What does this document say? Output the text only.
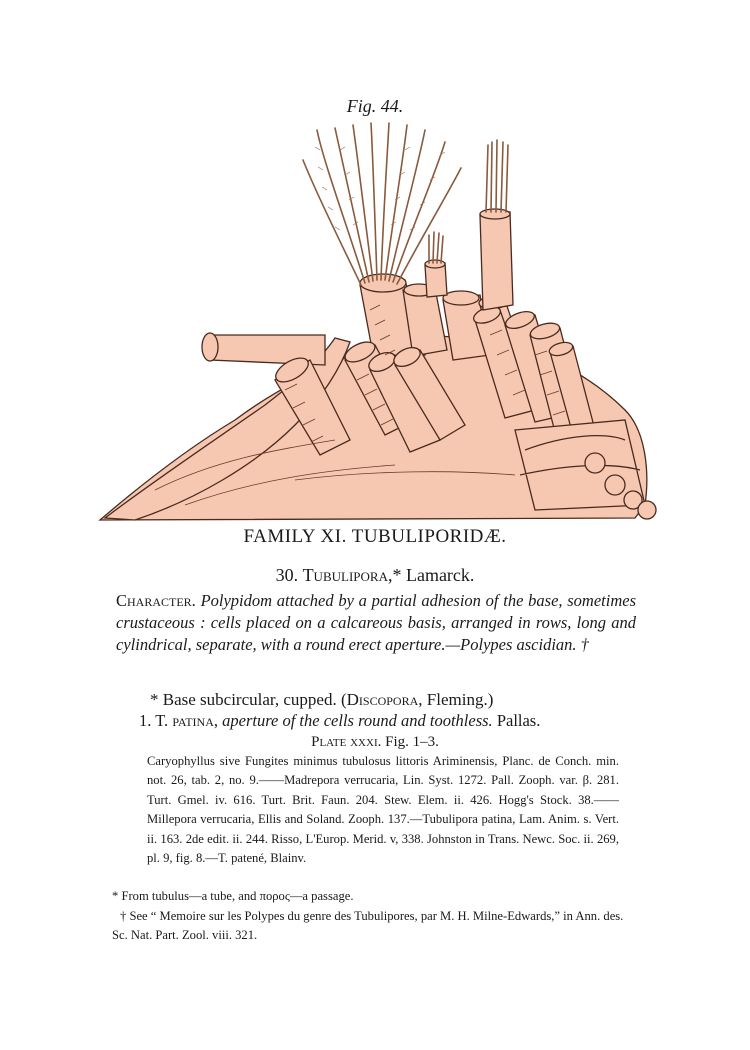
Fig. 44.
FAMILY XI. TUBULIPORIDÆ.
30. Tubulipora,* Lamarck.
Character. Polypidom attached by a partial adhesion of the base, sometimes crustaceous : cells placed on a calcareous basis, arranged in rows, long and cylindrical, separate, with a round erect aperture.—Polypes ascidian. †
* Base subcircular, cupped. (Discopora, Fleming.)
1. T. patina, aperture of the cells round and toothless. Pallas.
Plate xxxi. Fig. 1–3.
Caryophyllus sive Fungites minimus tubulosus littoris Ariminensis, Planc. de Conch. min. not. 26, tab. 2, no. 9.——Madrepora verrucaria, Lin. Syst. 1272. Pall. Zooph. var. β. 281. Turt. Gmel. iv. 616. Turt. Brit. Faun. 204. Stew. Elem. ii. 426. Hogg's Stock. 38.——Millepora verrucaria, Ellis and Soland. Zooph. 137.—Tubulipora patina, Lam. Anim. s. Vert. ii. 163. 2de edit. ii. 244. Risso, L'Europ. Merid. v, 338. Johnston in Trans. Newc. Soc. ii. 269, pl. 9, fig. 8.—T. patené, Blainv.

* From tubulus—a tube, and πορος—a passage.

† See “ Memoire sur les Polypes du genre des Tubulipores, par M. H. Milne-Edwards,” in Ann. des. Sc. Nat. Part. Zool. viii. 321.
